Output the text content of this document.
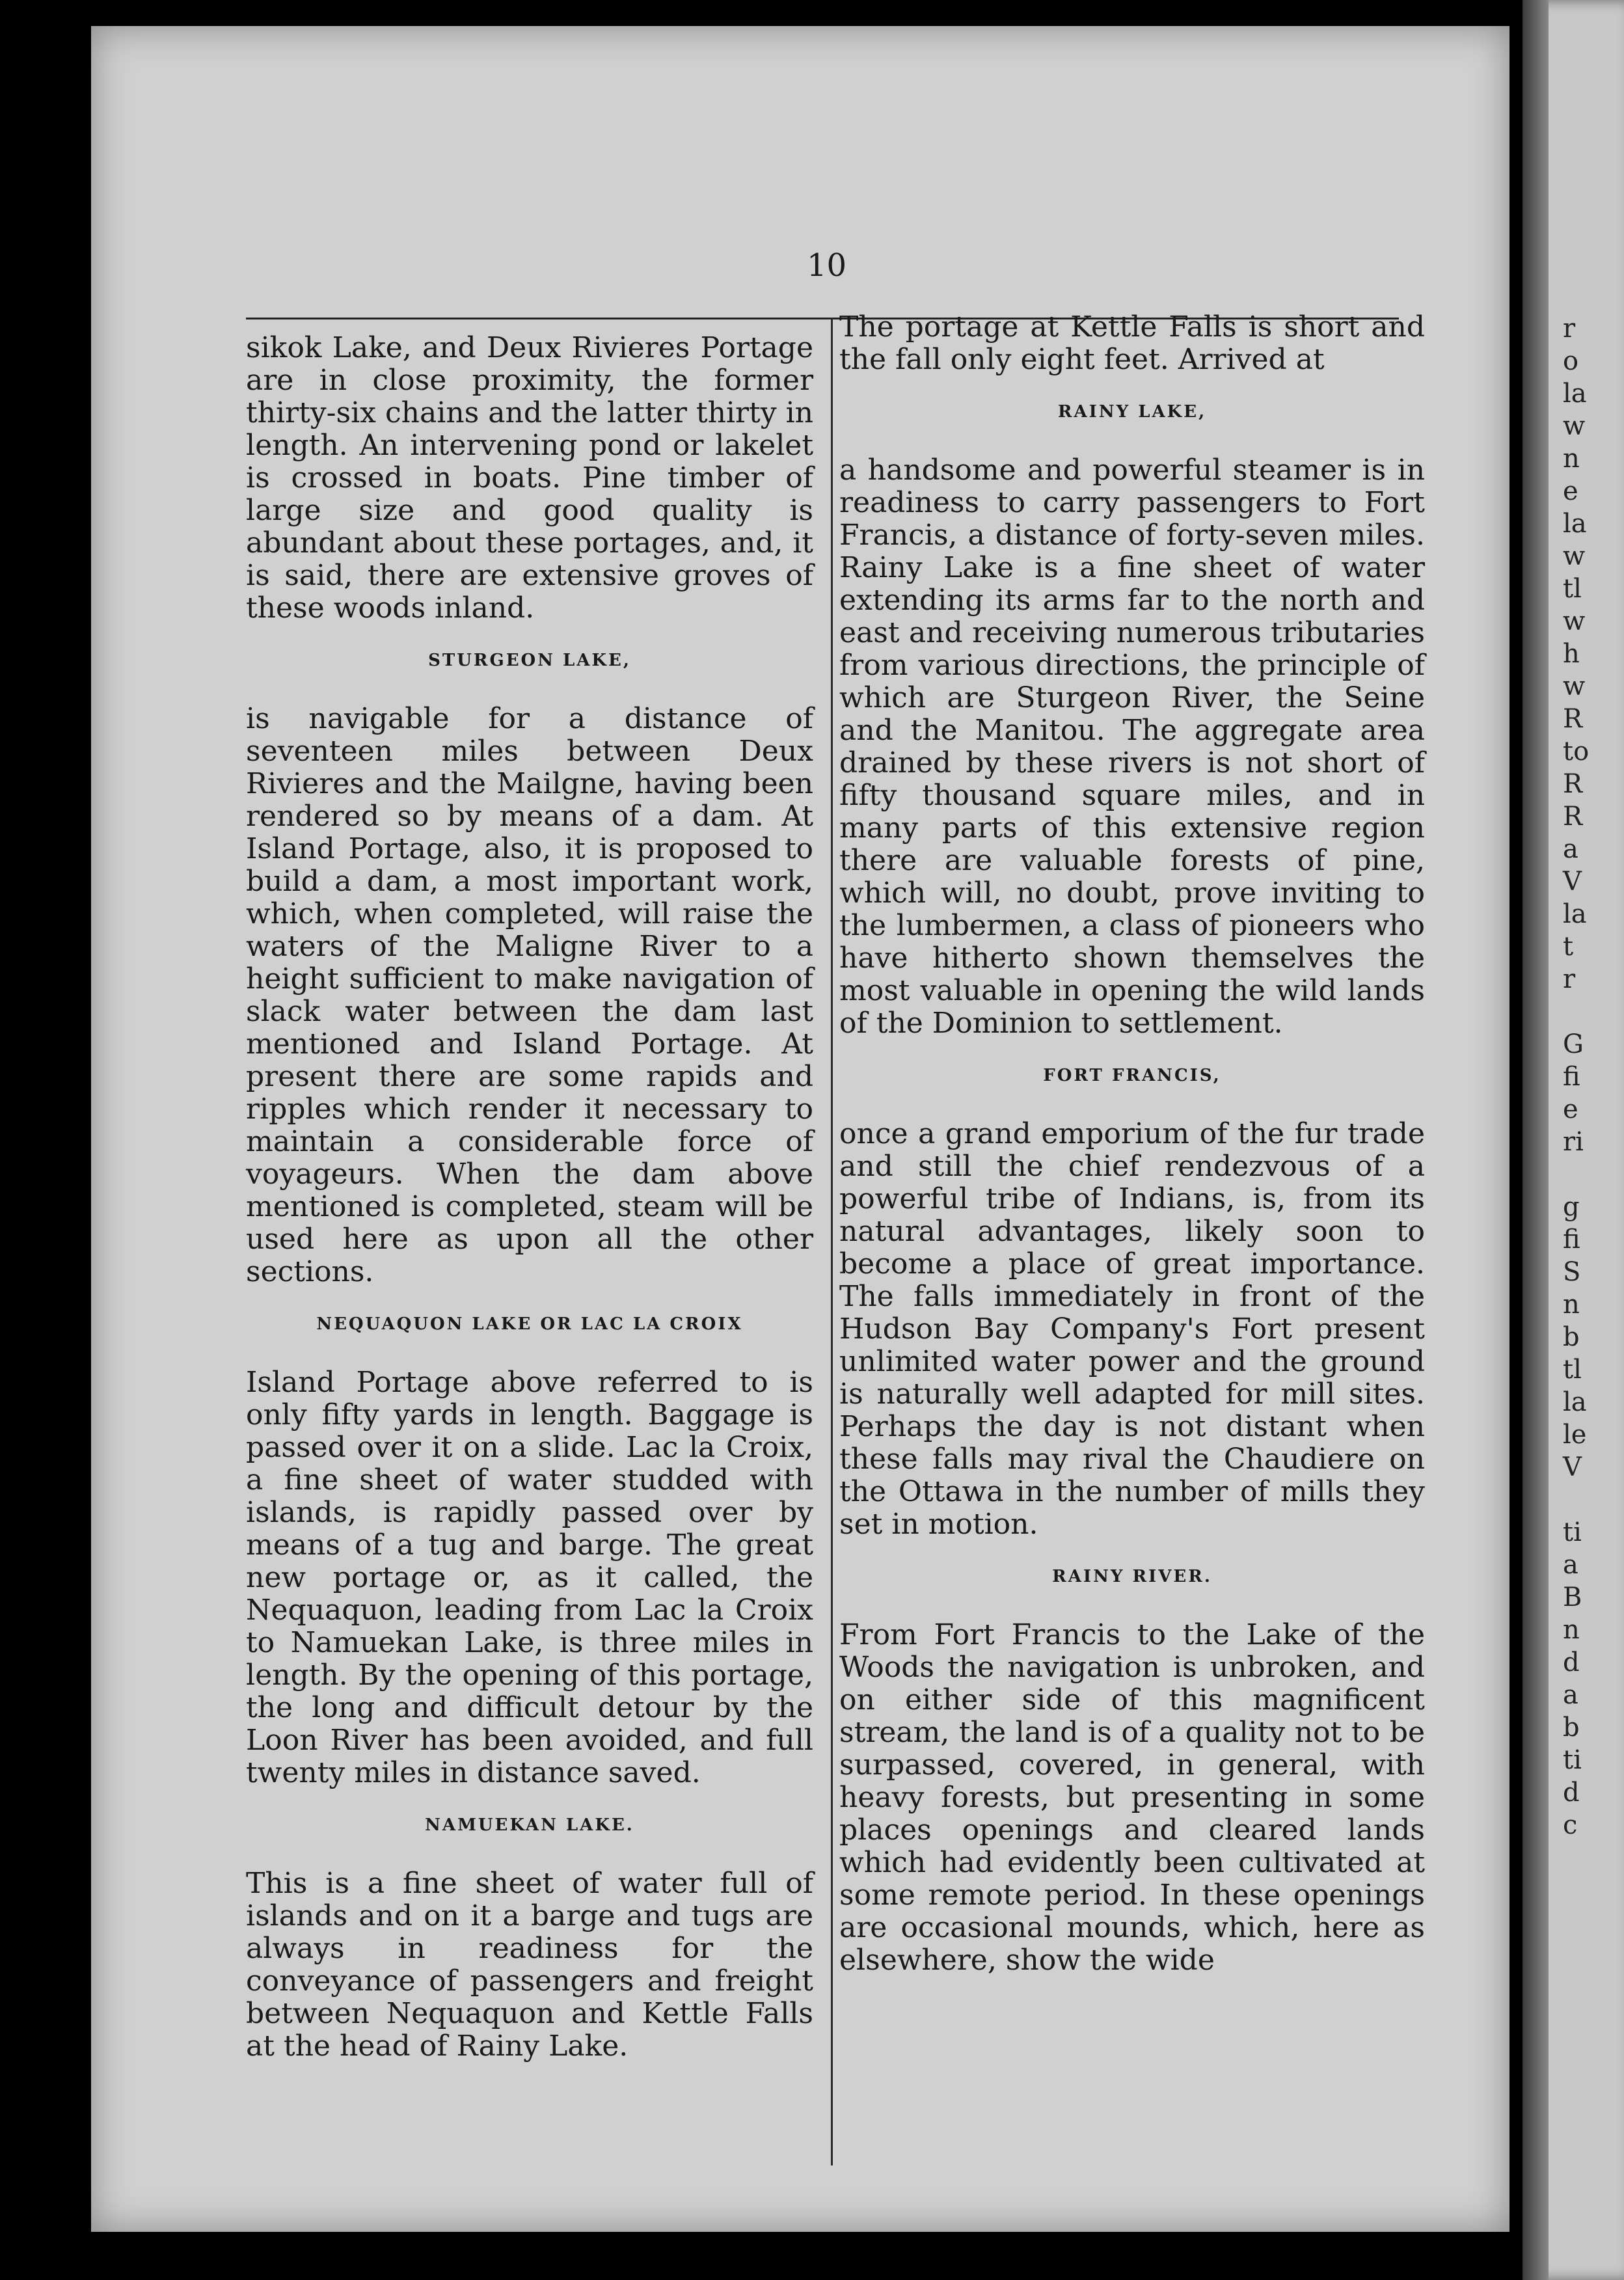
r
o
la
w
n
e
la
w
tl
w
h
w
R
to
R
R
a
V
la
t
r
G
fi
e
ri
g
fi
S
n
b
tl
la
le
V
ti
a
B
n
d
a
b
ti
d
c
10

sikok Lake, and Deux Rivieres Portage are in close proximity, the former thirty-six chains and the latter thirty in length. An intervening pond or lakelet is crossed in boats. Pine timber of large size and good quality is abundant about these portages, and, it is said, there are extensive groves of these woods inland.

STURGEON LAKE,

is navigable for a distance of seventeen miles between Deux Rivieres and the Mailgne, having been rendered so by means of a dam. At Island Portage, also, it is proposed to build a dam, a most important work, which, when completed, will raise the waters of the Maligne River to a height sufficient to make navigation of slack water between the dam last mentioned and Island Portage. At present there are some rapids and ripples which render it necessary to maintain a considerable force of voyageurs. When the dam above mentioned is completed, steam will be used here as upon all the other sections.

NEQUAQUON LAKE OR LAC LA CROIX

Island Portage above referred to is only fifty yards in length. Baggage is passed over it on a slide. Lac la Croix, a fine sheet of water studded with islands, is rapidly passed over by means of a tug and barge. The great new portage or, as it called, the Nequaquon, leading from Lac la Croix to Namuekan Lake, is three miles in length. By the opening of this portage, the long and difficult detour by the Loon River has been avoided, and full twenty miles in distance saved.

NAMUEKAN LAKE.

This is a fine sheet of water full of islands and on it a barge and tugs are always in readiness for the conveyance of passengers and freight between Nequaquon and Kettle Falls at the head of Rainy Lake.

The portage at Kettle Falls is short and the fall only eight feet. Arrived at

RAINY LAKE,

a handsome and powerful steamer is in readiness to carry passengers to Fort Francis, a distance of forty-seven miles. Rainy Lake is a fine sheet of water extending its arms far to the north and east and receiving numerous tributaries from various directions, the principle of which are Sturgeon River, the Seine and the Manitou. The aggregate area drained by these rivers is not short of fifty thousand square miles, and in many parts of this extensive region there are valuable forests of pine, which will, no doubt, prove inviting to the lumbermen, a class of pioneers who have hitherto shown themselves the most valuable in opening the wild lands of the Dominion to settlement.

FORT FRANCIS,

once a grand emporium of the fur trade and still the chief rendezvous of a powerful tribe of Indians, is, from its natural advantages, likely soon to become a place of great importance. The falls immediately in front of the Hudson Bay Company's Fort present unlimited water power and the ground is naturally well adapted for mill sites. Perhaps the day is not distant when these falls may rival the Chaudiere on the Ottawa in the number of mills they set in motion.

RAINY RIVER.

From Fort Francis to the Lake of the Woods the navigation is unbroken, and on either side of this magnificent stream, the land is of a quality not to be surpassed, covered, in general, with heavy forests, but presenting in some places openings and cleared lands which had evidently been cultivated at some remote period. In these openings are occasional mounds, which, here as elsewhere, show the wide
